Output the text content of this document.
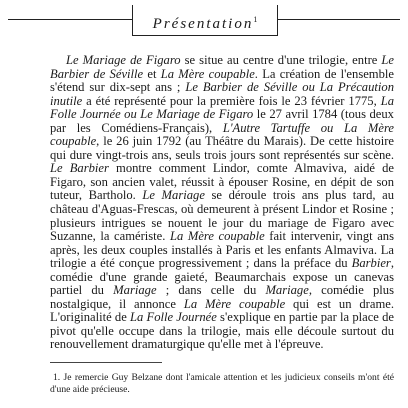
Présentation$^1$

Le Mariage de Figaro se situe au centre d'une trilogie, entre Le Barbier de Séville et La Mère coupable. La création de l'ensemble s'étend sur dix-sept ans ; Le Barbier de Séville ou La Précaution inutile a été représenté pour la première fois le 23 février 1775, La Folle Journée ou Le Mariage de Figaro le 27 avril 1784 (tous deux par les Comédiens-Français), L'Autre Tartuffe ou La Mère coupable, le 26 juin 1792 (au Théâtre du Marais). De cette histoire qui dure vingt-trois ans, seuls trois jours sont représentés sur scène. Le Barbier montre comment Lindor, comte Almaviva, aidé de Figaro, son ancien valet, réussit à épouser Rosine, en dépit de son tuteur, Bartholo. Le Mariage se déroule trois ans plus tard, au château d'Aguas-Frescas, où demeurent à présent Lindor et Rosine ; plusieurs intrigues se nouent le jour du mariage de Figaro avec Suzanne, la camériste. La Mère coupable fait intervenir, vingt ans après, les deux couples installés à Paris et les enfants Almaviva. La trilogie a été conçue progressivement ; dans la préface du Barbier, comédie d'une grande gaieté, Beaumarchais expose un canevas partiel du Mariage ; dans celle du Mariage, comédie plus nostalgique, il annonce La Mère coupable qui est un drame. L'originalité de La Folle Journée s'explique en partie par la place de pivot qu'elle occupe dans la trilogie, mais elle découle surtout du renouvellement dramaturgique qu'elle met à l'épreuve.

1. Je remercie Guy Belzane dont l'amicale attention et les judicieux conseils m'ont été d'une aide précieuse.
